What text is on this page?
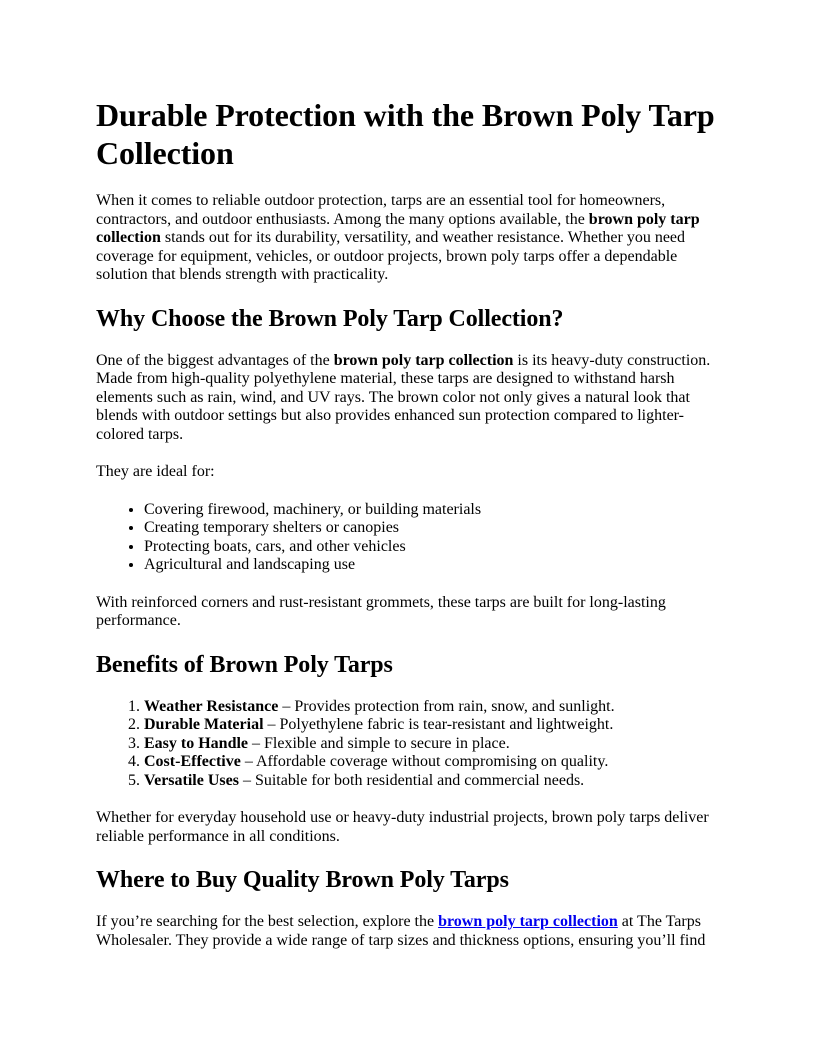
Durable Protection with the Brown Poly Tarp Collection

When it comes to reliable outdoor protection, tarps are an essential tool for homeowners, contractors, and outdoor enthusiasts. Among the many options available, the brown poly tarp collection stands out for its durability, versatility, and weather resistance. Whether you need coverage for equipment, vehicles, or outdoor projects, brown poly tarps offer a dependable solution that blends strength with practicality.

Why Choose the Brown Poly Tarp Collection?

One of the biggest advantages of the brown poly tarp collection is its heavy-duty construction. Made from high-quality polyethylene material, these tarps are designed to withstand harsh elements such as rain, wind, and UV rays. The brown color not only gives a natural look that blends with outdoor settings but also provides enhanced sun protection compared to lighter-colored tarps.

They are ideal for:

• Covering firewood, machinery, or building materials
• Creating temporary shelters or canopies
• Protecting boats, cars, and other vehicles
• Agricultural and landscaping use

With reinforced corners and rust-resistant grommets, these tarps are built for long-lasting performance.

Benefits of Brown Poly Tarps
1. Weather Resistance – Provides protection from rain, snow, and sunlight.
2. Durable Material – Polyethylene fabric is tear-resistant and lightweight.
3. Easy to Handle – Flexible and simple to secure in place.
4. Cost-Effective – Affordable coverage without compromising on quality.
5. Versatile Uses – Suitable for both residential and commercial needs.

Whether for everyday household use or heavy-duty industrial projects, brown poly tarps deliver reliable performance in all conditions.

Where to Buy Quality Brown Poly Tarps

If you’re searching for the best selection, explore the brown poly tarp collection at The Tarps Wholesaler. They provide a wide range of tarp sizes and thickness options, ensuring you’ll find
